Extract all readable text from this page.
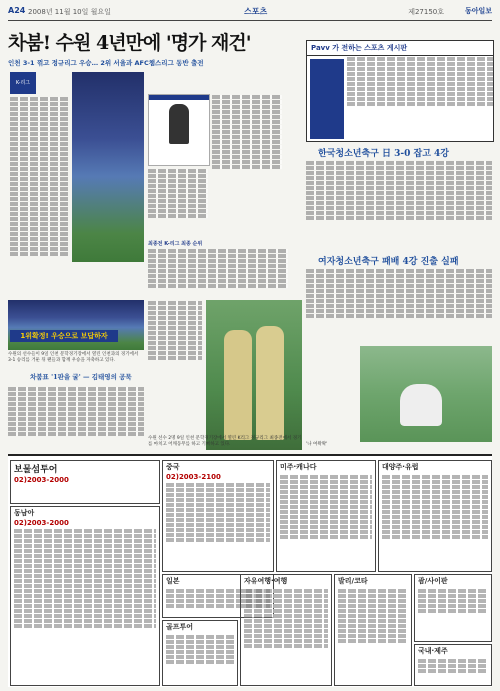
A24 2008년 11월 10일 월요일	스포츠	제27150호	동아일보
차붐! 수원 4년만에 '명가 재건'
인천 3-1 꺾고 정규리그 우승… 2위 서울과 AFC챔스리그 동반 출전
K-리그
1위확정! 우승으로 보답하자
수원의 선수들이 9일 인천 문학경기장에서 열린 인천과의 경기에서 3-1 승리를 거둔 뒤 팬들과 함께 우승을 자축하고 있다.
차붐표 '1판을 굴' — 김태영의 공묵
최종전 K-리그 최종 순위
수원 선수 2명 9일 인천 문학경기장에서 열린 K리그 정규리그 최종전에서 경기를 마치고 어깨동무를 하고 기뻐하고 있다.
Pavv 가 전하는 스포츠 게시판
한국청소년축구 日 3-0 잡고 4강
여자청소년축구 패배 4강 진출 실패
'나 여왁왁'
보물섬투어
02)2003-2000
동남아
02)2003-2000
중국
02)2003-2100
미주·캐나다	대양주·유럽
일본
골프투어
자유여행·여행	발리/코타	괌/사이판
국내·제주
